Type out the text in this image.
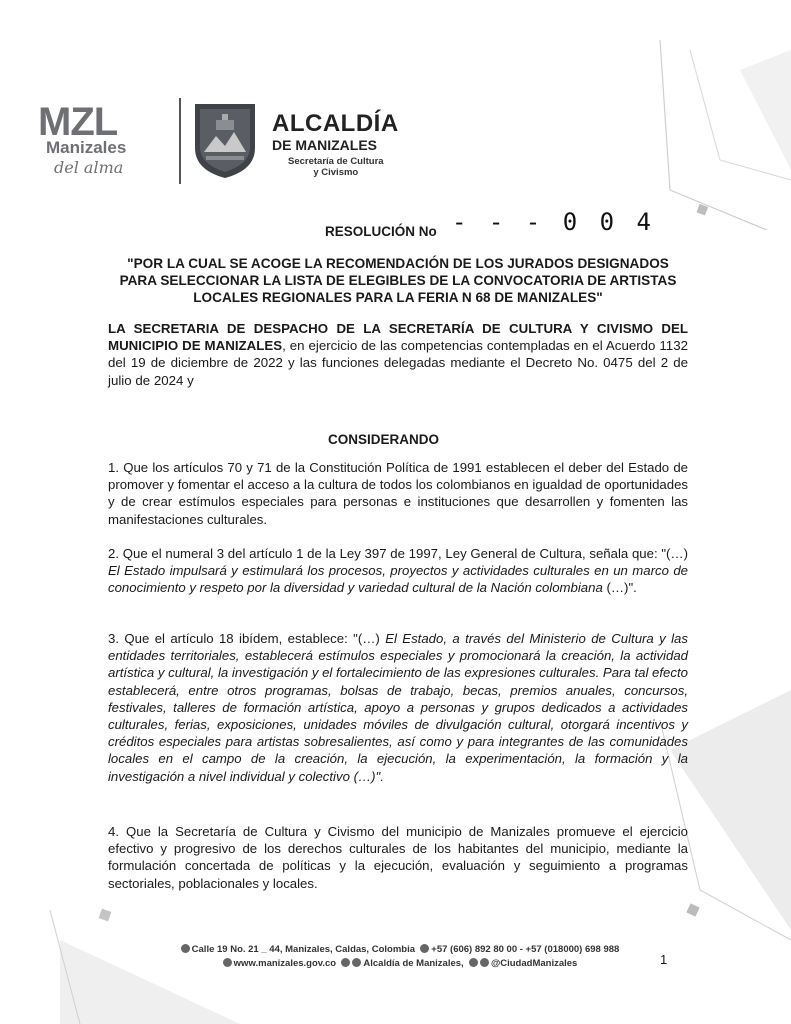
MZL
Manizales
del alma
ALCALDÍA
DE MANIZALES
Secretaría de Cultura
y Civismo
RESOLUCIÓN No - - - 0 0 4
"POR LA CUAL SE ACOGE LA RECOMENDACIÓN DE LOS JURADOS DESIGNADOS PARA SELECCIONAR LA LISTA DE ELEGIBLES DE LA CONVOCATORIA DE ARTISTAS LOCALES REGIONALES PARA LA FERIA N 68 DE MANIZALES"
LA SECRETARIA DE DESPACHO DE LA SECRETARÍA DE CULTURA Y CIVISMO DEL MUNICIPIO DE MANIZALES, en ejercicio de las competencias contempladas en el Acuerdo 1132 del 19 de diciembre de 2022 y las funciones delegadas mediante el Decreto No. 0475 del 2 de julio de 2024 y
CONSIDERANDO

1. Que los artículos 70 y 71 de la Constitución Política de 1991 establecen el deber del Estado de promover y fomentar el acceso a la cultura de todos los colombianos en igualdad de oportunidades y de crear estímulos especiales para personas e instituciones que desarrollen y fomenten las manifestaciones culturales.

2. Que el numeral 3 del artículo 1 de la Ley 397 de 1997, Ley General de Cultura, señala que: "(…) El Estado impulsará y estimulará los procesos, proyectos y actividades culturales en un marco de conocimiento y respeto por la diversidad y variedad cultural de la Nación colombiana (…)".

3. Que el artículo 18 ibídem, establece: "(…) El Estado, a través del Ministerio de Cultura y las entidades territoriales, establecerá estímulos especiales y promocionará la creación, la actividad artística y cultural, la investigación y el fortalecimiento de las expresiones culturales. Para tal efecto establecerá, entre otros programas, bolsas de trabajo, becas, premios anuales, concursos, festivales, talleres de formación artística, apoyo a personas y grupos dedicados a actividades culturales, ferias, exposiciones, unidades móviles de divulgación cultural, otorgará incentivos y créditos especiales para artistas sobresalientes, así como y para integrantes de las comunidades locales en el campo de la creación, la ejecución, la experimentación, la formación y la investigación a nivel individual y colectivo (…)".

4. Que la Secretaría de Cultura y Civismo del municipio de Manizales promueve el ejercicio efectivo y progresivo de los derechos culturales de los habitantes del municipio, mediante la formulación concertada de políticas y la ejecución, evaluación y seguimiento a programas sectoriales, poblacionales y locales.

Calle 19 No. 21 _ 44, Manizales, Caldas, Colombia +57 (606) 892 80 00 - +57 (018000) 698 988
www.manizales.gov.co	Alcaldía de Manizales,	@CiudadManizales	1
